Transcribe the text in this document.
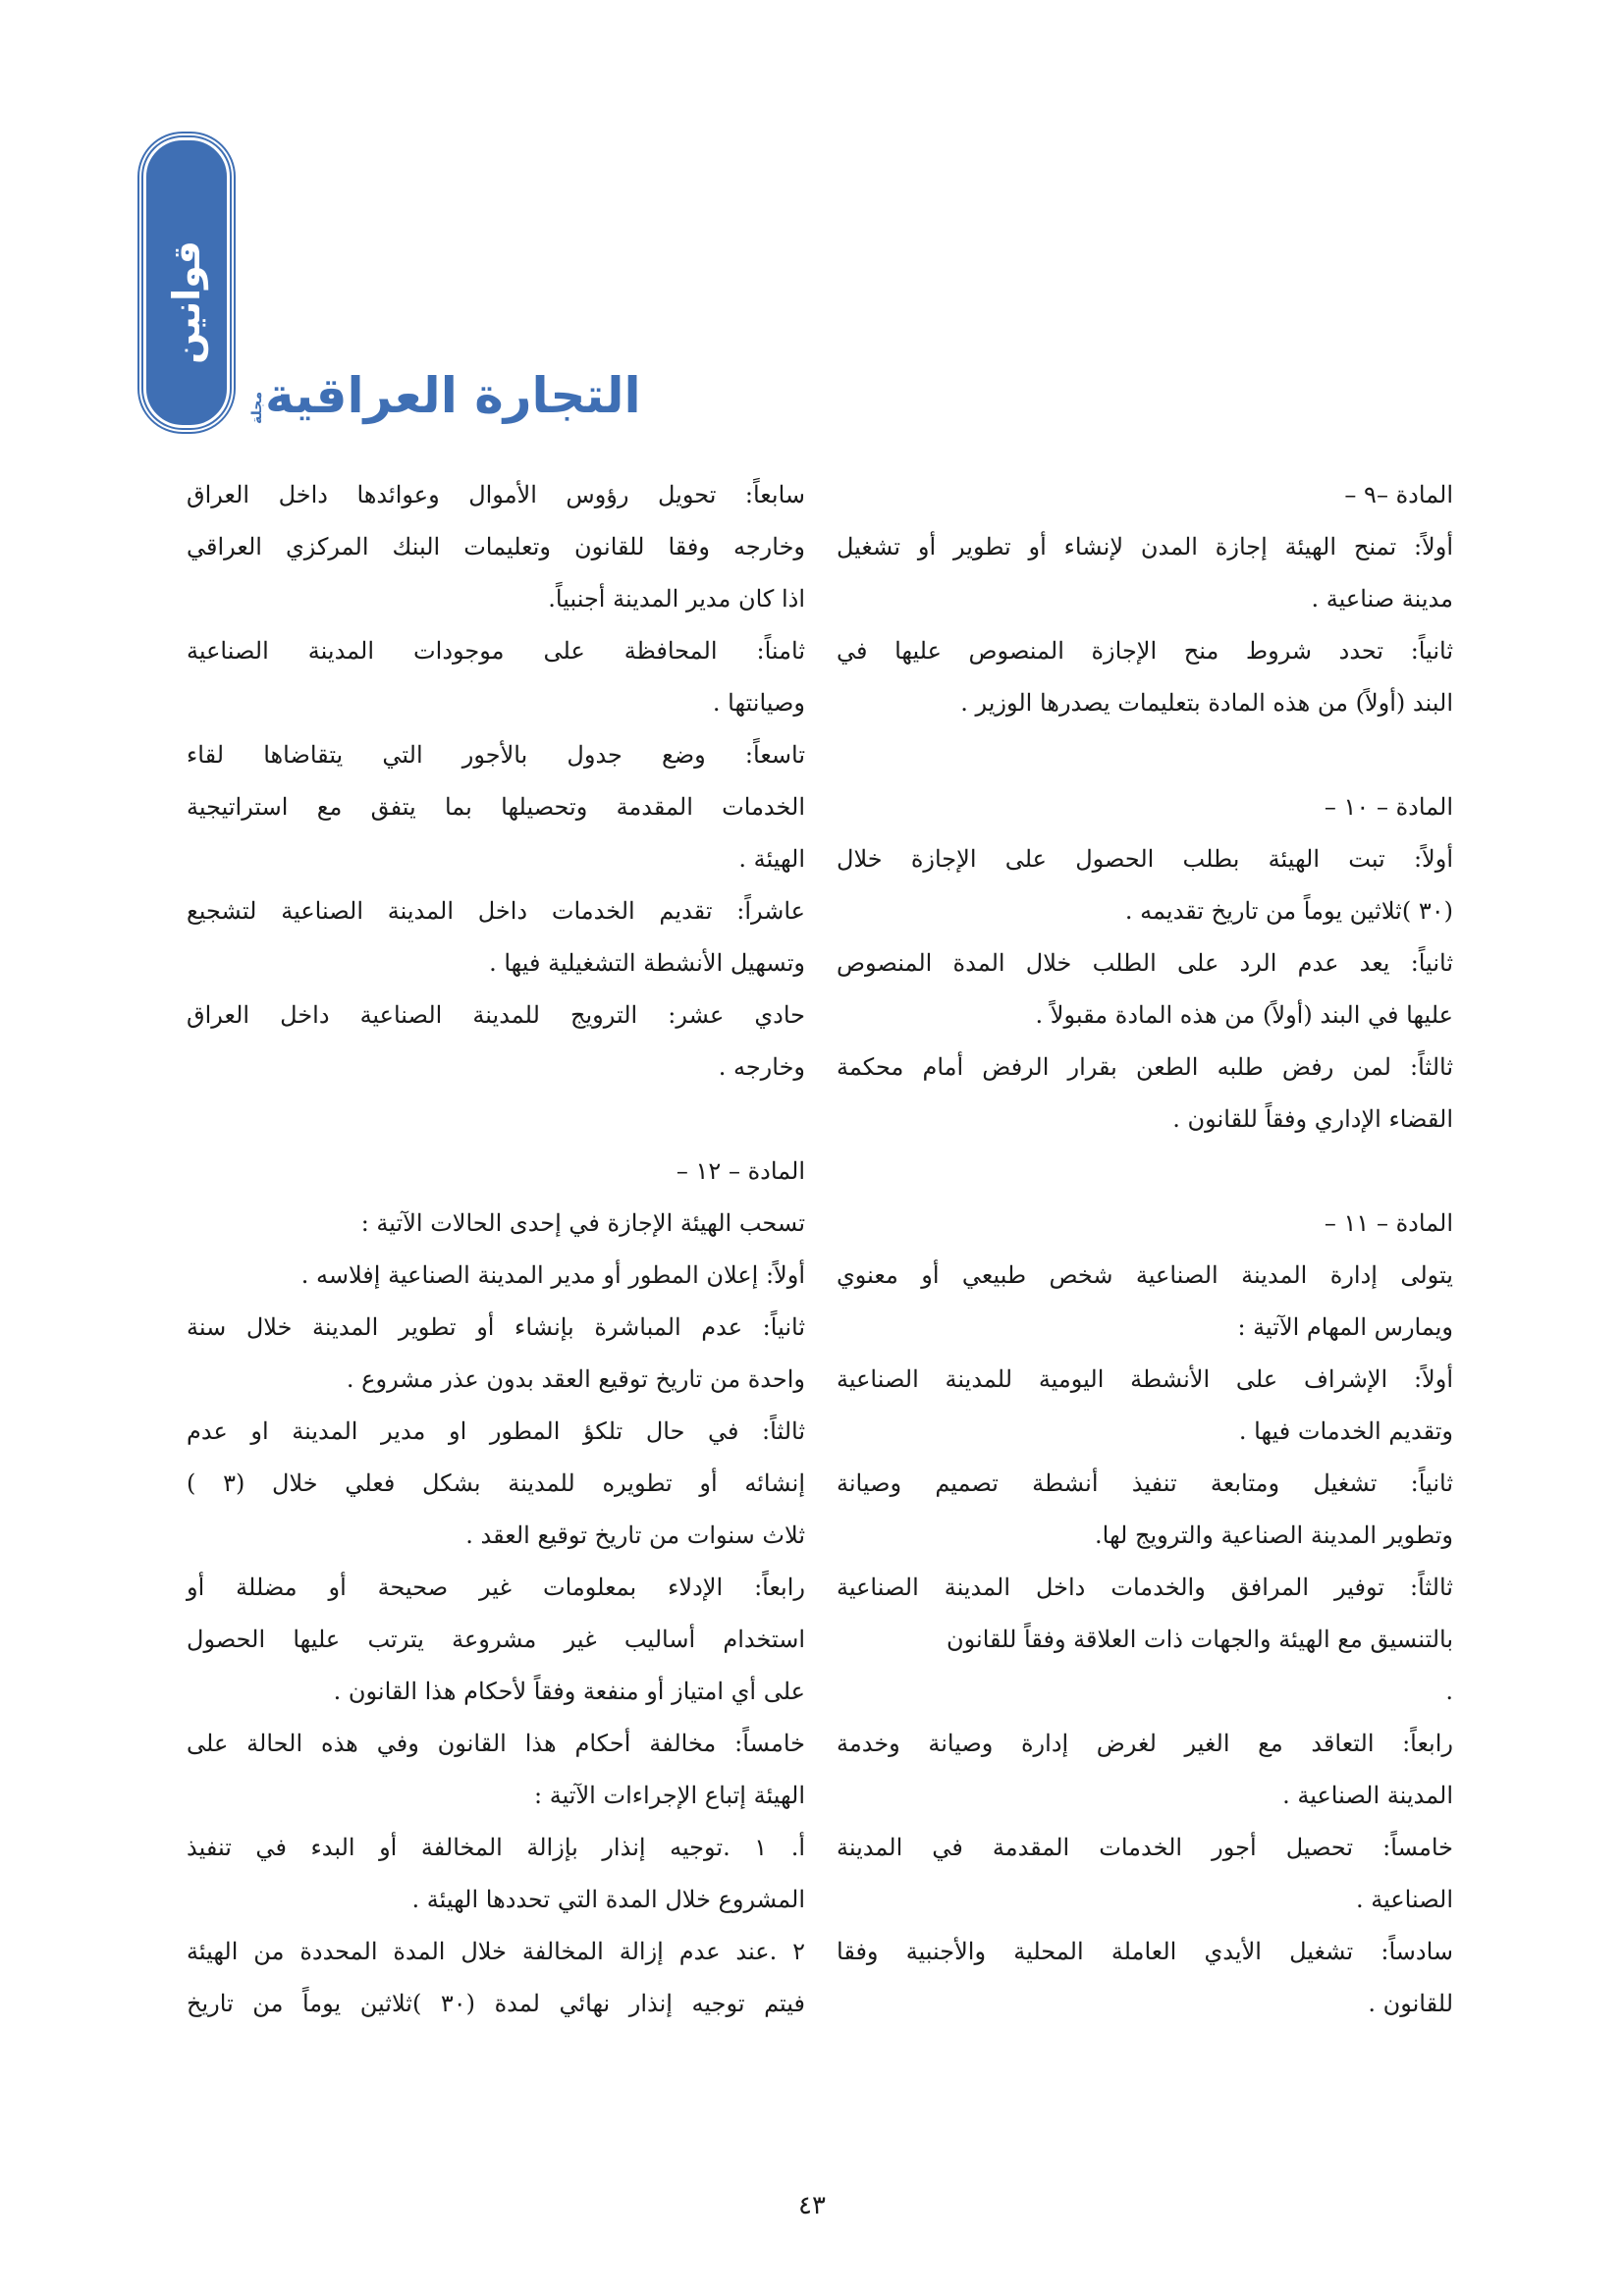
قوانين
التجارة العراقية
مجلة
المادة –٩ –
أولاً: تمنح الهيئة إجازة المدن لإنشاء أو تطوير أو تشغيل
مدينة صناعية .
ثانياً: تحدد شروط منح الإجازة المنصوص عليها في
البند (أولاً) من هذه المادة بتعليمات يصدرها الوزير .
المادة – ١٠ –
أولاً: تبت الهيئة بطلب الحصول على الإجازة خلال
(٣٠ )ثلاثين يوماً من تاريخ تقديمه .
ثانياً: يعد عدم الرد على الطلب خلال المدة المنصوص
عليها في البند (أولاً) من هذه المادة مقبولاً .
ثالثاً: لمن رفض طلبه الطعن بقرار الرفض أمام محكمة
القضاء الإداري وفقاً للقانون .
المادة – ١١ –
يتولى إدارة المدينة الصناعية شخص طبيعي أو معنوي
ويمارس المهام الآتية :
أولاً: الإشراف على الأنشطة اليومية للمدينة الصناعية
وتقديم الخدمات فيها .
ثانياً: تشغيل ومتابعة تنفيذ أنشطة تصميم وصيانة
وتطوير المدينة الصناعية والترويج لها.
ثالثاً: توفير المرافق والخدمات داخل المدينة الصناعية
بالتنسيق مع الهيئة والجهات ذات العلاقة وفقاً للقانون
.
رابعاً: التعاقد مع الغير لغرض إدارة وصيانة وخدمة
المدينة الصناعية .
خامساً: تحصيل أجور الخدمات المقدمة في المدينة
الصناعية .
سادساً: تشغيل الأيدي العاملة المحلية والأجنبية وفقا
للقانون .
سابعاً: تحويل رؤوس الأموال وعوائدها داخل العراق
وخارجه وفقا للقانون وتعليمات البنك المركزي العراقي
اذا كان مدير المدينة أجنبياً.
ثامناً: المحافظة على موجودات المدينة الصناعية
وصيانتها .
تاسعاً: وضع جدول بالأجور التي يتقاضاها لقاء
الخدمات المقدمة وتحصيلها بما يتفق مع استراتيجية
الهيئة .
عاشراً: تقديم الخدمات داخل المدينة الصناعية لتشجيع
وتسهيل الأنشطة التشغيلية فيها .
حادي عشر: الترويج للمدينة الصناعية داخل العراق
وخارجه .
المادة – ١٢ –
تسحب الهيئة الإجازة في إحدى الحالات الآتية :
أولاً: إعلان المطور أو مدير المدينة الصناعية إفلاسه .
ثانياً: عدم المباشرة بإنشاء أو تطوير المدينة خلال سنة
واحدة من تاريخ توقيع العقد بدون عذر مشروع .
ثالثاً: في حال تلكؤ المطور او مدير المدينة او عدم
إنشائه أو تطويره للمدينة بشكل فعلي خلال (٣ )
ثلاث سنوات من تاريخ توقيع العقد .
رابعاً: الإدلاء بمعلومات غير صحيحة أو مضللة أو
استخدام أساليب غير مشروعة يترتب عليها الحصول
على أي امتياز أو منفعة وفقاً لأحكام هذا القانون .
خامساً: مخالفة أحكام هذا القانون وفي هذه الحالة على
الهيئة إتباع الإجراءات الآتية :
أ. ١ .توجيه إنذار بإزالة المخالفة أو البدء في تنفيذ
المشروع خلال المدة التي تحددها الهيئة .
٢ .عند عدم إزالة المخالفة خلال المدة المحددة من الهيئة
فيتم توجيه إنذار نهائي لمدة (٣٠ )ثلاثين يوماً من تاريخ
٤٣
